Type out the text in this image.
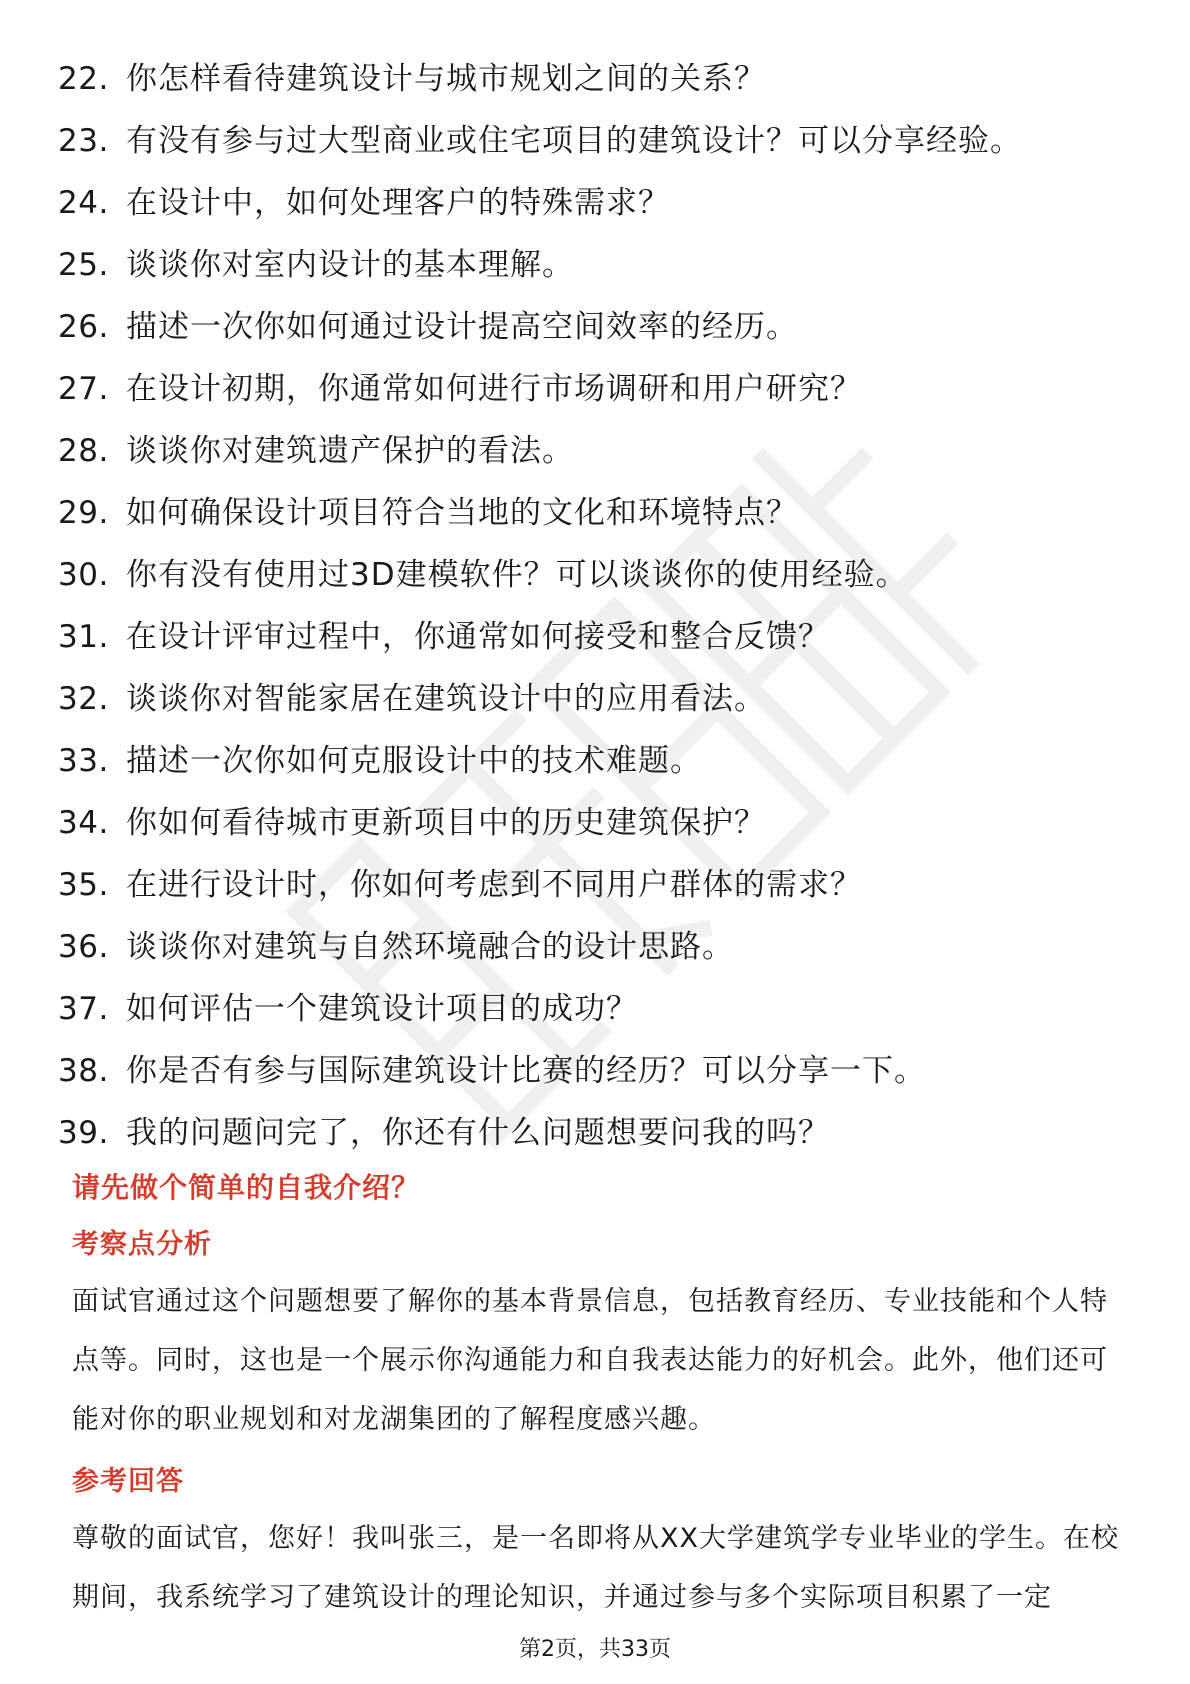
22. 你怎样看待建筑设计与城市规划之间的关系？
23. 有没有参与过大型商业或住宅项目的建筑设计？可以分享经验。
24. 在设计中，如何处理客户的特殊需求？
25. 谈谈你对室内设计的基本理解。
26. 描述一次你如何通过设计提高空间效率的经历。
27. 在设计初期，你通常如何进行市场调研和用户研究？
28. 谈谈你对建筑遗产保护的看法。
29. 如何确保设计项目符合当地的文化和环境特点？
30. 你有没有使用过3D建模软件？可以谈谈你的使用经验。
31. 在设计评审过程中，你通常如何接受和整合反馈？
32. 谈谈你对智能家居在建筑设计中的应用看法。
33. 描述一次你如何克服设计中的技术难题。
34. 你如何看待城市更新项目中的历史建筑保护？
35. 在进行设计时，你如何考虑到不同用户群体的需求？
36. 谈谈你对建筑与自然环境融合的设计思路。
37. 如何评估一个建筑设计项目的成功？
38. 你是否有参与国际建筑设计比赛的经历？可以分享一下。
39. 我的问题问完了，你还有什么问题想要问我的吗？
请先做个简单的自我介绍？
考察点分析

面试官通过这个问题想要了解你的基本背景信息，包括教育经历、专业技能和个人特点等。同时，这也是一个展示你沟通能力和自我表达能力的好机会。此外，他们还可能对你的职业规划和对龙湖集团的了解程度感兴趣。

参考回答

尊敬的面试官，您好！我叫张三，是一名即将从XX大学建筑学专业毕业的学生。在校期间，我系统学习了建筑设计的理论知识，并通过参与多个实际项目积累了一定

第2页，共33页
